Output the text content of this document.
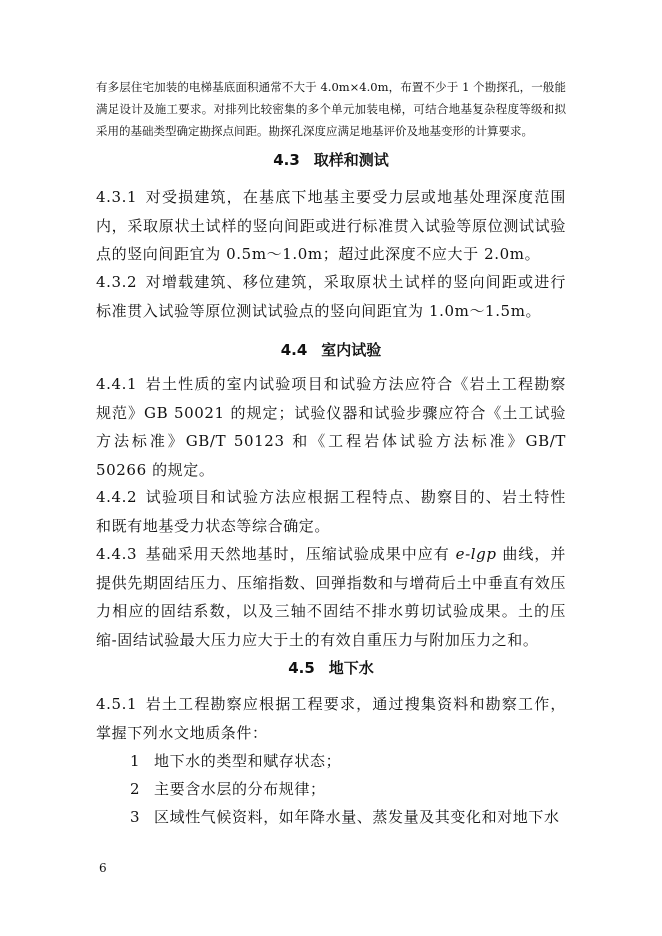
有多层住宅加装的电梯基底面积通常不大于 4.0m×4.0m，布置不少于 1 个勘探孔，一般能满足设计及施工要求。对排列比较密集的多个单元加装电梯，可结合地基复杂程度等级和拟采用的基础类型确定勘探点间距。勘探孔深度应满足地基评价及地基变形的计算要求。

4.3 取样和测试

4.3.1 对受损建筑，在基底下地基主要受力层或地基处理深度范围内，采取原状土试样的竖向间距或进行标准贯入试验等原位测试试验点的竖向间距宜为 0.5m～1.0m；超过此深度不应大于 2.0m。

4.3.2 对增载建筑、移位建筑，采取原状土试样的竖向间距或进行标准贯入试验等原位测试试验点的竖向间距宜为 1.0m～1.5m。

4.4 室内试验

4.4.1 岩土性质的室内试验项目和试验方法应符合《岩土工程勘察规范》GB 50021 的规定；试验仪器和试验步骤应符合《土工试验方法标准》GB/T 50123 和《工程岩体试验方法标准》GB/T 50266 的规定。

4.4.2 试验项目和试验方法应根据工程特点、勘察目的、岩土特性和既有地基受力状态等综合确定。

4.4.3 基础采用天然地基时，压缩试验成果中应有 e-lgp 曲线，并提供先期固结压力、压缩指数、回弹指数和与增荷后土中垂直有效压力相应的固结系数，以及三轴不固结不排水剪切试验成果。土的压缩-固结试验最大压力应大于土的有效自重压力与附加压力之和。

4.5 地下水

4.5.1 岩土工程勘察应根据工程要求，通过搜集资料和勘察工作，掌握下列水文地质条件：

1 地下水的类型和赋存状态；

2 主要含水层的分布规律；

3 区域性气候资料，如年降水量、蒸发量及其变化和对地下水

6
